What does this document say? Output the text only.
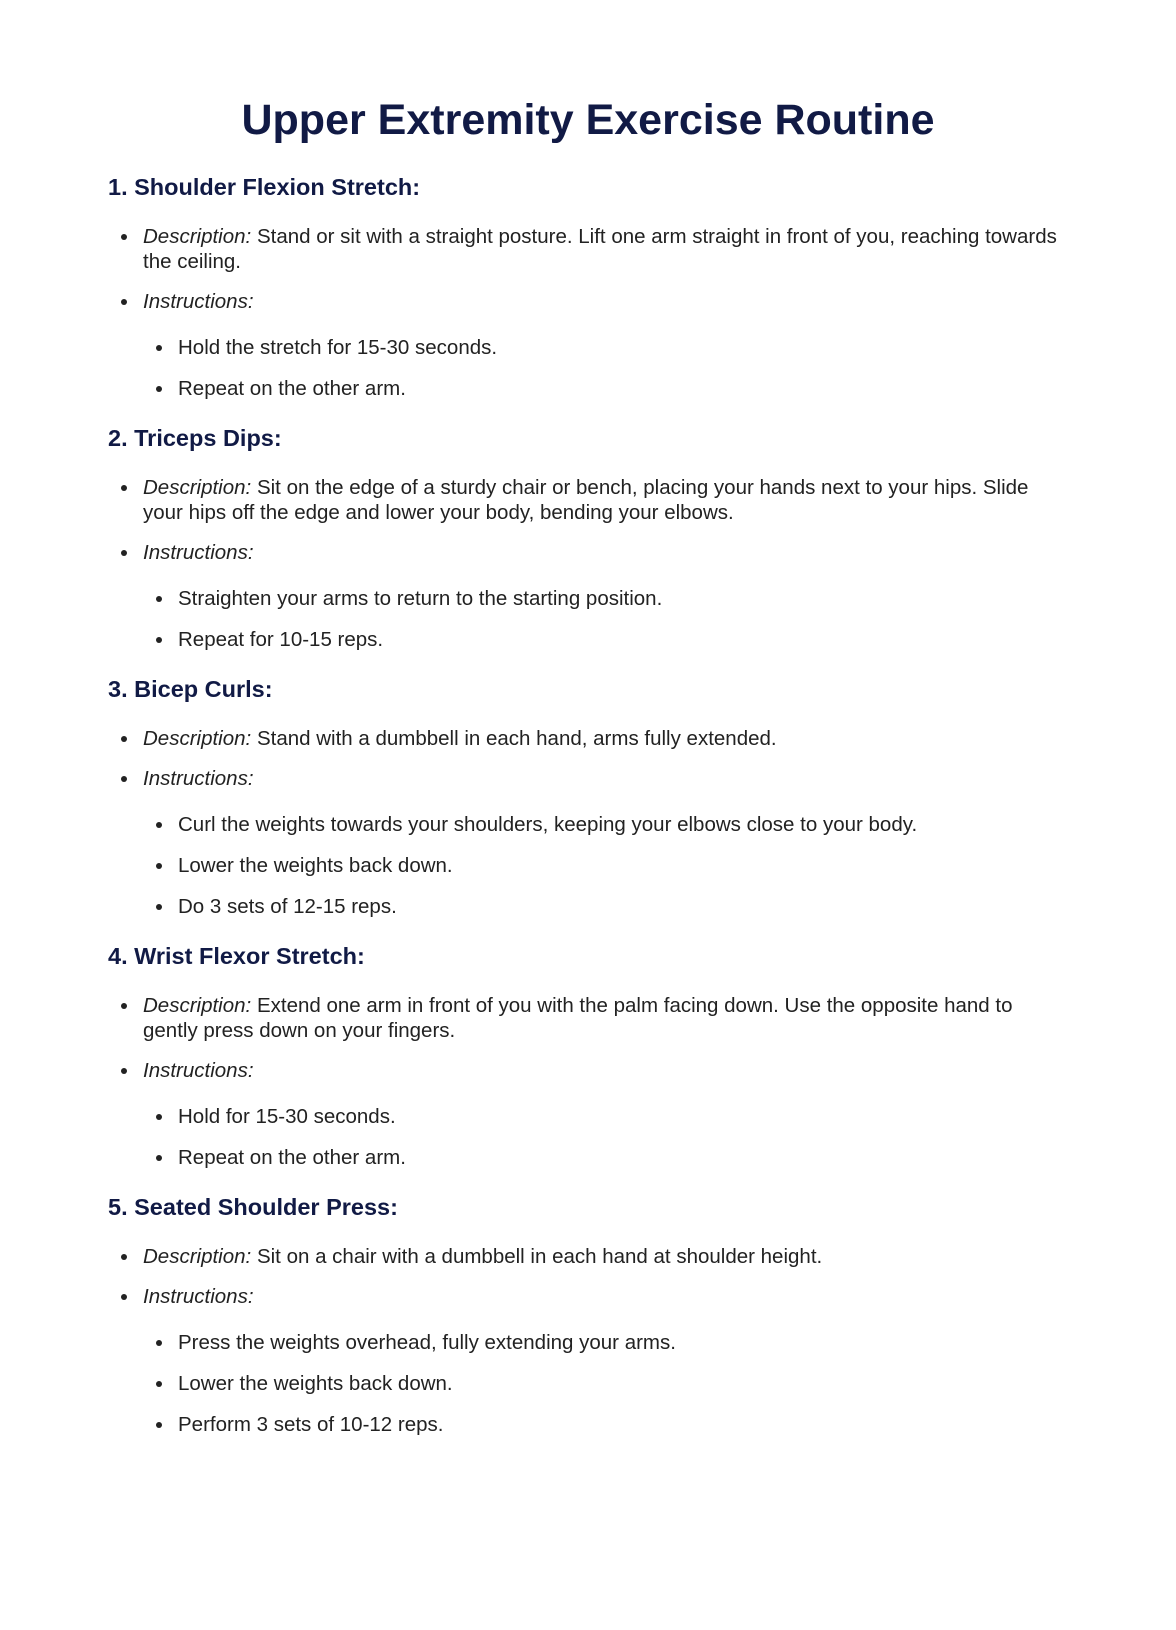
Upper Extremity Exercise Routine
1. Shoulder Flexion Stretch:
Description: Stand or sit with a straight posture. Lift one arm straight in front of you, reaching towards the ceiling.
Instructions:
Hold the stretch for 15-30 seconds.
Repeat on the other arm.
2. Triceps Dips:
Description: Sit on the edge of a sturdy chair or bench, placing your hands next to your hips. Slide your hips off the edge and lower your body, bending your elbows.
Instructions:
Straighten your arms to return to the starting position.
Repeat for 10-15 reps.
3. Bicep Curls:
Description: Stand with a dumbbell in each hand, arms fully extended.
Instructions:
Curl the weights towards your shoulders, keeping your elbows close to your body.
Lower the weights back down.
Do 3 sets of 12-15 reps.
4. Wrist Flexor Stretch:
Description: Extend one arm in front of you with the palm facing down. Use the opposite hand to gently press down on your fingers.
Instructions:
Hold for 15-30 seconds.
Repeat on the other arm.
5. Seated Shoulder Press:
Description: Sit on a chair with a dumbbell in each hand at shoulder height.
Instructions:
Press the weights overhead, fully extending your arms.
Lower the weights back down.
Perform 3 sets of 10-12 reps.
